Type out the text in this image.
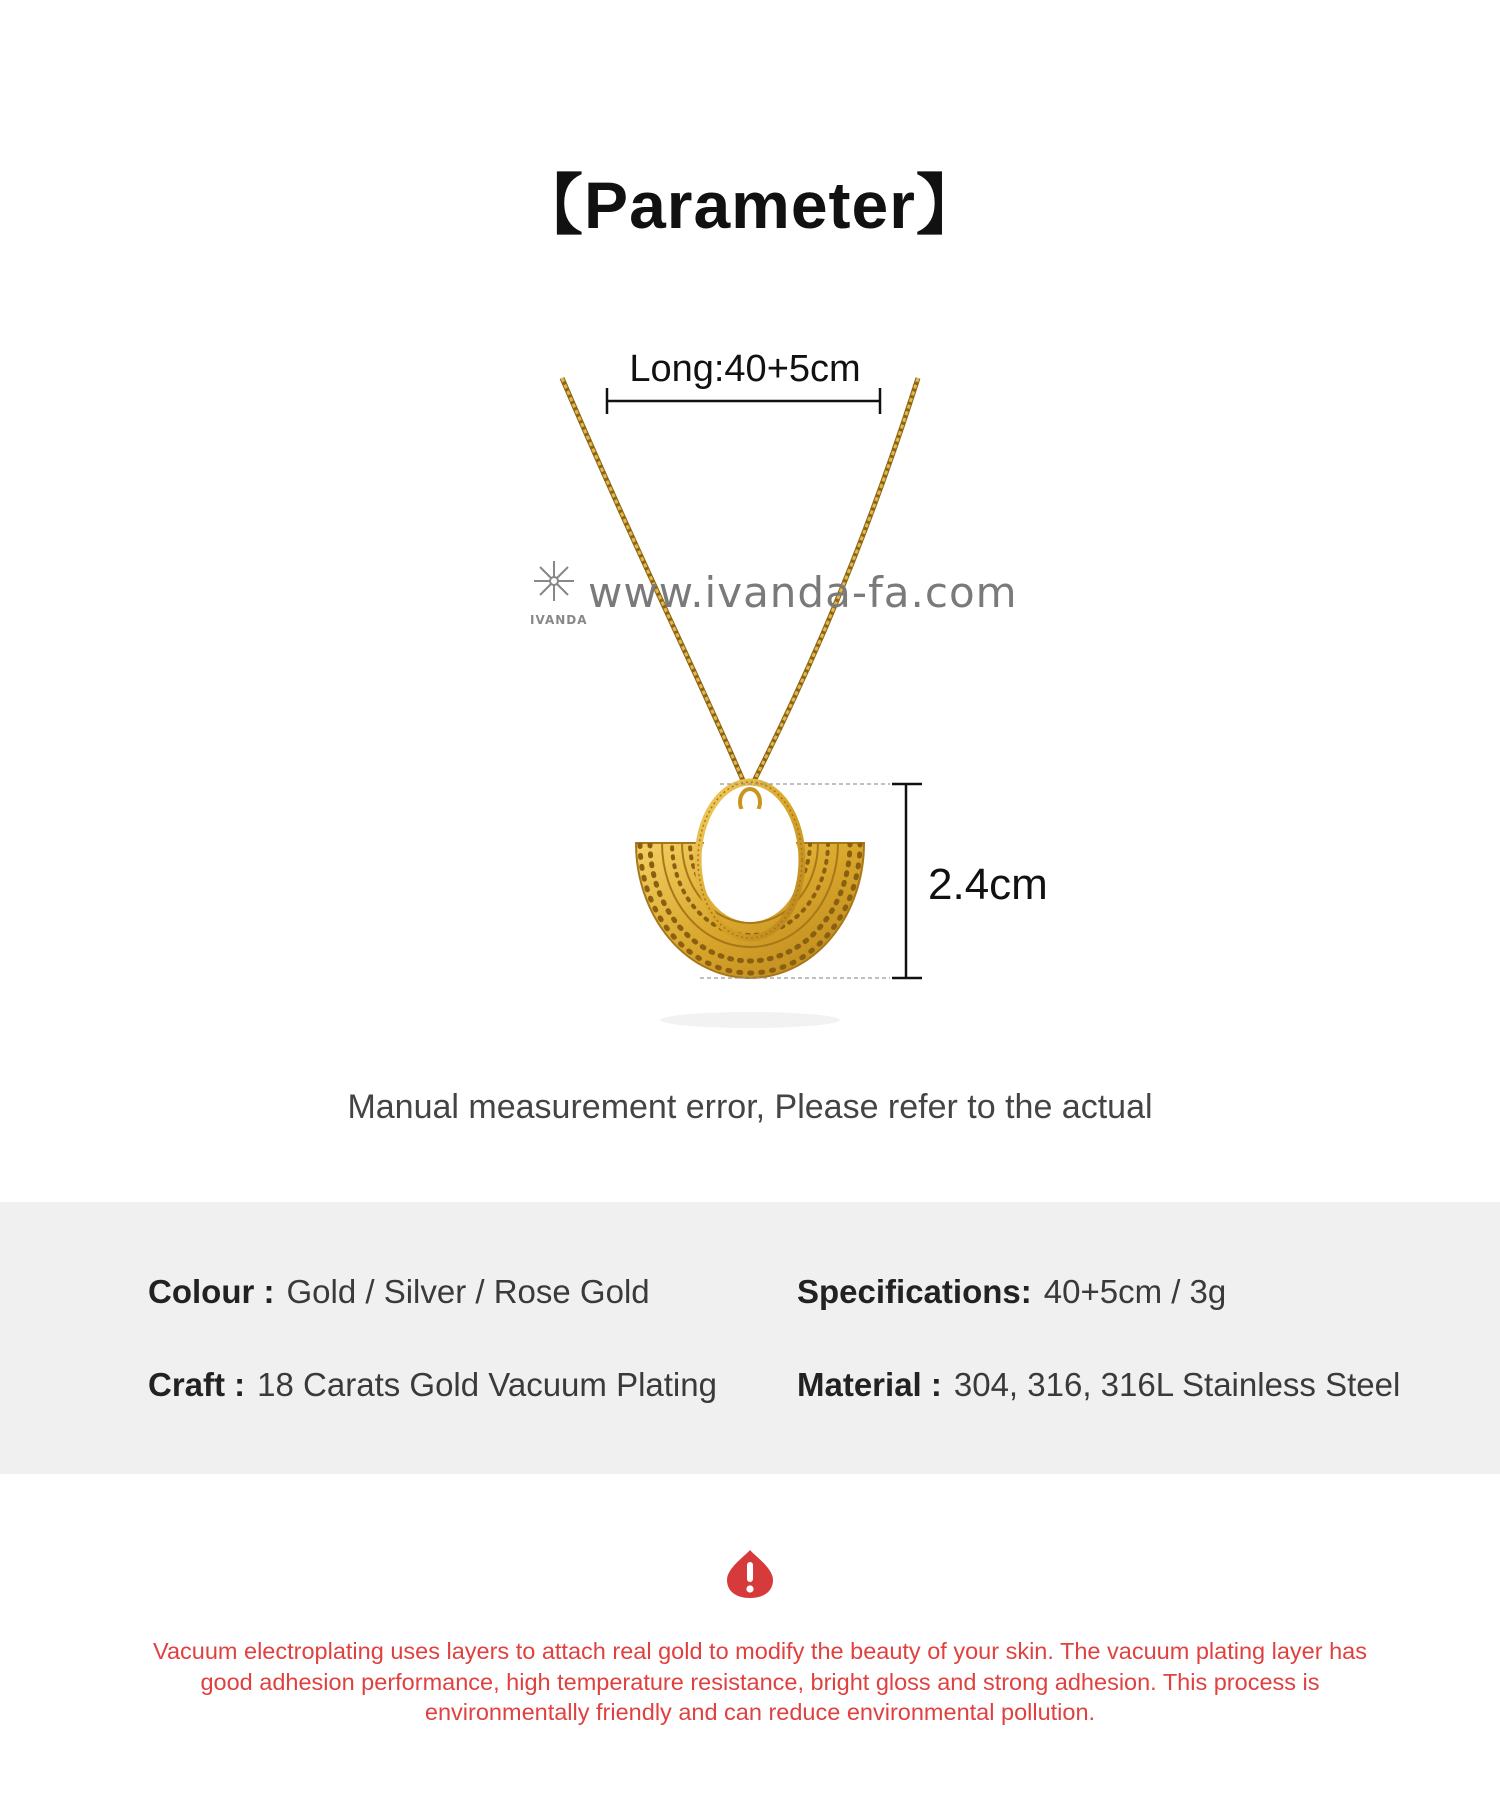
【Parameter】
Long:40+5cm
2.4cm
IVANDA
www.ivanda-fa.com
Manual measurement error, Please refer to the actual
Colour : Gold / Silver / Rose Gold	Specifications: 40+5cm / 3g
Craft : 18 Carats Gold Vacuum Plating Material : 304, 316, 316L Stainless Steel
Vacuum electroplating uses layers to attach real gold to modify the beauty of your skin. The vacuum plating layer has good adhesion performance, high temperature resistance, bright gloss and strong adhesion. This process is environmentally friendly and can reduce environmental pollution.
